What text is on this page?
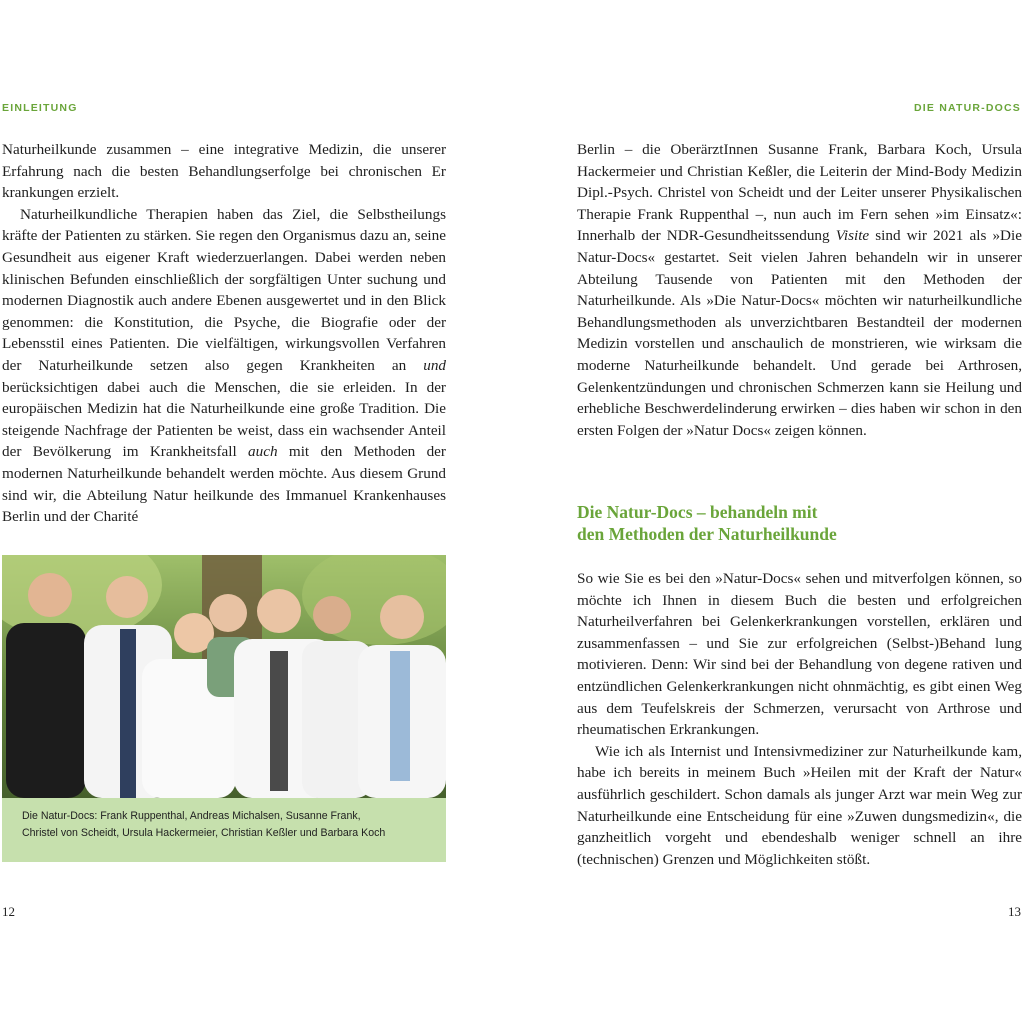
EINLEITUNG	DIE NATUR-DOCS

Naturheilkunde zusammen – eine integrative Medizin, die unserer Erfahrung nach die besten Behandlungserfolge bei chronischen Er krankungen erzielt.

Naturheilkundliche Therapien haben das Ziel, die Selbstheilungs kräfte der Patienten zu stärken. Sie regen den Organismus dazu an, seine Gesundheit aus eigener Kraft wiederzuerlangen. Dabei werden neben klinischen Befunden einschließlich der sorgfältigen Unter suchung und modernen Diagnostik auch andere Ebenen ausgewertet und in den Blick genommen: die Konstitution, die Psyche, die Biografie oder der Lebensstil eines Patienten. Die vielfältigen, wirkungsvollen Verfahren der Naturheilkunde setzen also gegen Krankheiten an und berücksichtigen dabei auch die Menschen, die sie erleiden. In der europäischen Medizin hat die Naturheilkunde eine große Tradition. Die steigende Nachfrage der Patienten be weist, dass ein wachsender Anteil der Bevölkerung im Krankheitsfall auch mit den Methoden der modernen Naturheilkunde behandelt werden möchte. Aus diesem Grund sind wir, die Abteilung Natur heilkunde des Immanuel Krankenhauses Berlin und der Charité

Die Natur-Docs: Frank Ruppenthal, Andreas Michalsen, Susanne Frank,
Christel von Scheidt, Ursula Hackermeier, Christian Keßler und Barbara Koch

Berlin – die OberärztInnen Susanne Frank, Barbara Koch, Ursula Hackermeier und Christian Keßler, die Leiterin der Mind-Body Medizin Dipl.-Psych. Christel von Scheidt und der Leiter unserer Physikalischen Therapie Frank Ruppenthal –, nun auch im Fern sehen »im Einsatz«: Innerhalb der NDR-Gesundheitssendung Visite sind wir 2021 als »Die Natur-Docs« gestartet. Seit vielen Jahren behandeln wir in unserer Abteilung Tausende von Patienten mit den Methoden der Naturheilkunde. Als »Die Natur-Docs« möchten wir naturheilkundliche Behandlungsmethoden als unverzichtbaren Bestandteil der modernen Medizin vorstellen und anschaulich de monstrieren, wie wirksam die moderne Naturheilkunde behandelt. Und gerade bei Arthrosen, Gelenkentzündungen und chronischen Schmerzen kann sie Heilung und erhebliche Beschwerdelinderung erwirken – dies haben wir schon in den ersten Folgen der »Natur Docs« zeigen können.

Die Natur-Docs – behandeln mit
den Methoden der Naturheilkunde

So wie Sie es bei den »Natur-Docs« sehen und mitverfolgen können, so möchte ich Ihnen in diesem Buch die besten und erfolgreichen Naturheilverfahren bei Gelenkerkrankungen vorstellen, erklären und zusammenfassen – und Sie zur erfolgreichen (Selbst-)Behand lung motivieren. Denn: Wir sind bei der Behandlung von degene rativen und entzündlichen Gelenkerkrankungen nicht ohnmächtig, es gibt einen Weg aus dem Teufelskreis der Schmerzen, verursacht von Arthrose und rheumatischen Erkrankungen.

Wie ich als Internist und Intensivmediziner zur Naturheilkunde kam, habe ich bereits in meinem Buch »Heilen mit der Kraft der Natur« ausführlich geschildert. Schon damals als junger Arzt war mein Weg zur Naturheilkunde eine Entscheidung für eine »Zuwen dungsmedizin«, die ganzheitlich vorgeht und ebendeshalb weniger schnell an ihre (technischen) Grenzen und Möglichkeiten stößt.

12	13
